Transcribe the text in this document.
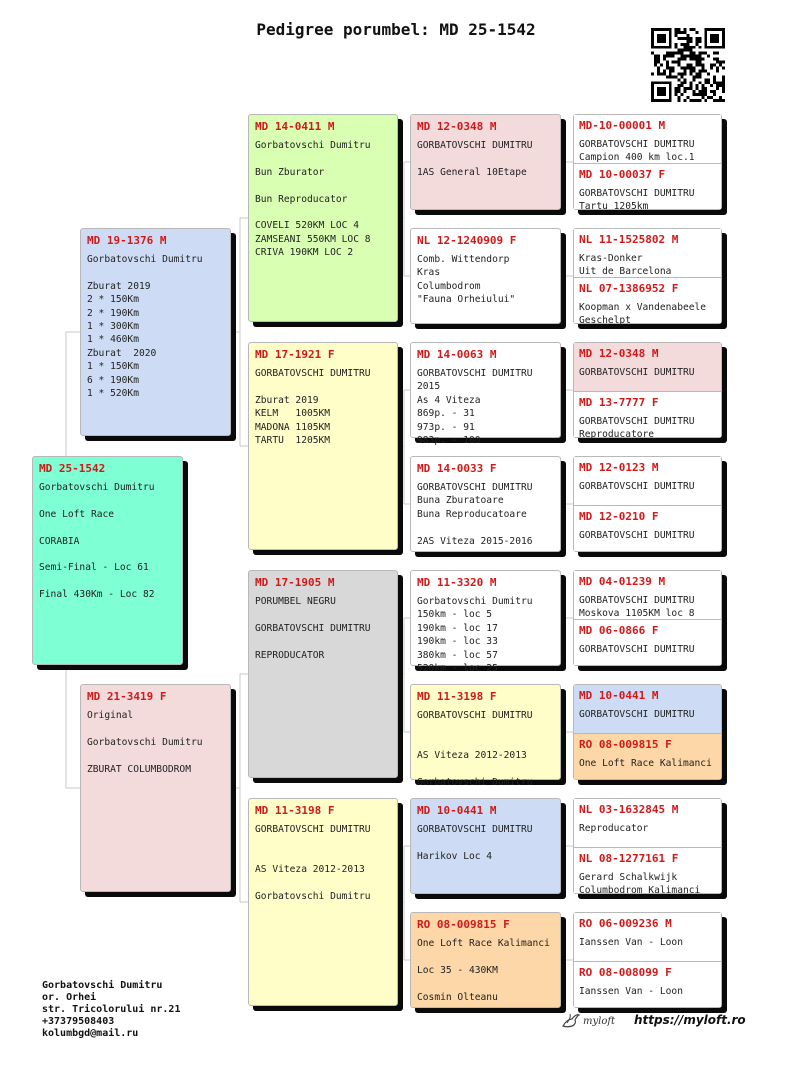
Pedigree porumbel: MD 25-1542
MD 25-1542
Gorbatovschi Dumitru
One Loft Race
CORABIA
Semi-Final - Loc 61
Final 430Km - Loc 82
MD 19-1376 M
Gorbatovschi Dumitru
Zburat 2019
2 * 150Km
2 * 190Km
1 * 300Km
1 * 460Km
Zburat  2020
1 * 150Km
6 * 190Km
1 * 520Km
MD 21-3419 F
Original
Gorbatovschi Dumitru
ZBURAT COLUMBODROM
MD 14-0411 M
Gorbatovschi Dumitru
Bun Zburator
Bun Reproducator
COVELI 520KM LOC 4
ZAMSEANI 550KM LOC 8
CRIVA 190KM LOC 2
MD 17-1921 F
GORBATOVSCHI DUMITRU
Zburat 2019
KELM   1005KM
MADONA 1105KM
TARTU  1205KM
MD 17-1905 M
PORUMBEL NEGRU
GORBATOVSCHI DUMITRU
REPRODUCATOR
MD 11-3198 F
GORBATOVSCHI DUMITRU
AS Viteza 2012-2013
Gorbatovschi Dumitru
MD 12-0348 M
GORBATOVSCHI DUMITRU
1AS General 10Etape
NL 12-1240909 F
Comb. Wittendorp
Kras
Columbodrom
"Fauna Orheiului"
MD 14-0063 M
GORBATOVSCHI DUMITRU
2015
As 4 Viteza
869p. - 31
973p. - 91
983p. - 100
MD 14-0033 F
GORBATOVSCHI DUMITRU
Buna Zburatoare
Buna Reproducatoare
2AS Viteza 2015-2016
MD 11-3320 M
Gorbatovschi Dumitru
150km - loc 5
190km - loc 17
190km - loc 33
380km - loc 57
520km - loc 25
MD 11-3198 F
GORBATOVSCHI DUMITRU
AS Viteza 2012-2013
Gorbatovschi Dumitru
MD 10-0441 M
GORBATOVSCHI DUMITRU
Harikov Loc 4
RO 08-009815 F
One Loft Race Kalimanci
Loc 35 - 430KM
Cosmin Olteanu
MD-10-00001 M
GORBATOVSCHI DUMITRU
Campion 400 km loc.1
MD 10-00037 F
GORBATOVSCHI DUMITRU
Tartu 1205km
NL 11-1525802 M
Kras-Donker
Uit de Barcelona
NL 07-1386952 F
Koopman x Vandenabeele
Geschelpt
MD 12-0348 M
GORBATOVSCHI DUMITRU
MD 13-7777 F
GORBATOVSCHI DUMITRU
Reproducatore
MD 12-0123 M
GORBATOVSCHI DUMITRU
MD 12-0210 F
GORBATOVSCHI DUMITRU
MD 04-01239 M
GORBATOVSCHI DUMITRU
Moskova 1105KM loc 8
MD 06-0866 F
GORBATOVSCHI DUMITRU
MD 10-0441 M
GORBATOVSCHI DUMITRU
RO 08-009815 F
One Loft Race Kalimanci
NL 03-1632845 M
Reproducator
NL 08-1277161 F
Gerard Schalkwijk
Columbodrom Kalimanci
RO 06-009236 M
Ianssen Van - Loon
RO 08-008099 F
Ianssen Van - Loon
Gorbatovschi Dumitru
or. Orhei
str. Tricolorului nr.21
+37379508403
kolumbgd@mail.ru
myloft https://myloft.ro
